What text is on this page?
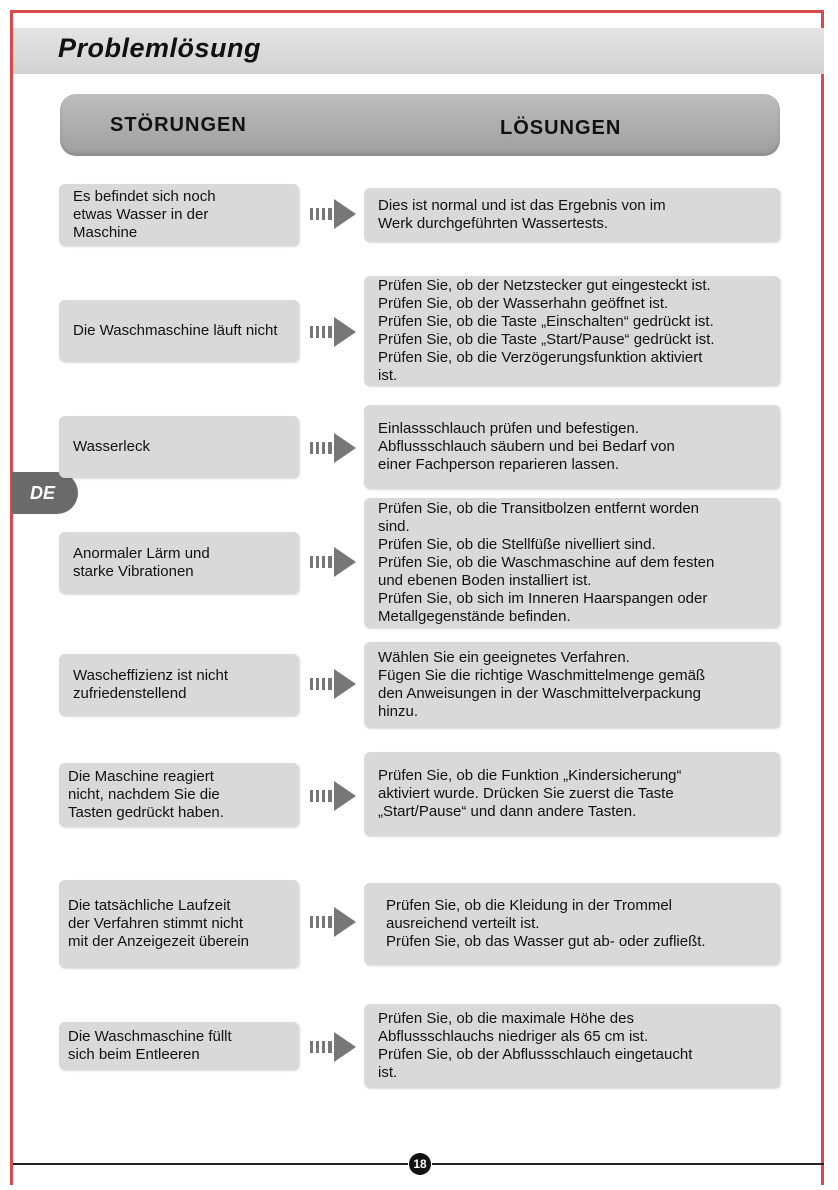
Problemlösung
STÖRUNGEN	LÖSUNGEN
DE
Es befindet sich noch
etwas Wasser in der
Maschine
Dies ist normal und ist das Ergebnis von im
Werk durchgeführten Wassertests.
Die Waschmaschine läuft nicht
Prüfen Sie, ob der Netzstecker gut eingesteckt ist.
Prüfen Sie, ob der Wasserhahn geöffnet ist.
Prüfen Sie, ob die Taste „Einschalten“ gedrückt ist.
Prüfen Sie, ob die Taste „Start/Pause“ gedrückt ist.
Prüfen Sie, ob die Verzögerungsfunktion aktiviert
ist.
Wasserleck
Einlassschlauch prüfen und befestigen.
Abflussschlauch säubern und bei Bedarf von
einer Fachperson reparieren lassen.
Anormaler Lärm und
starke Vibrationen
Prüfen Sie, ob die Transitbolzen entfernt worden
sind.
Prüfen Sie, ob die Stellfüße nivelliert sind.
Prüfen Sie, ob die Waschmaschine auf dem festen
und ebenen Boden installiert ist.
Prüfen Sie, ob sich im Inneren Haarspangen oder
Metallgegenstände befinden.
Wascheffizienz ist nicht
zufriedenstellend
Wählen Sie ein geeignetes Verfahren.
Fügen Sie die richtige Waschmittelmenge gemäß
den Anweisungen in der Waschmittelverpackung
hinzu.
Die Maschine reagiert
nicht, nachdem Sie die
Tasten gedrückt haben.
Prüfen Sie, ob die Funktion „Kindersicherung“
aktiviert wurde. Drücken Sie zuerst die Taste
„Start/Pause“ und dann andere Tasten.
Die tatsächliche Laufzeit
der Verfahren stimmt nicht
mit der Anzeigezeit überein
Prüfen Sie, ob die Kleidung in der Trommel
ausreichend verteilt ist.
Prüfen Sie, ob das Wasser gut ab- oder zufließt.
Die Waschmaschine füllt
sich beim Entleeren
Prüfen Sie, ob die maximale Höhe des
Abflussschlauchs niedriger als 65 cm ist.
Prüfen Sie, ob der Abflussschlauch eingetaucht
ist.
18
